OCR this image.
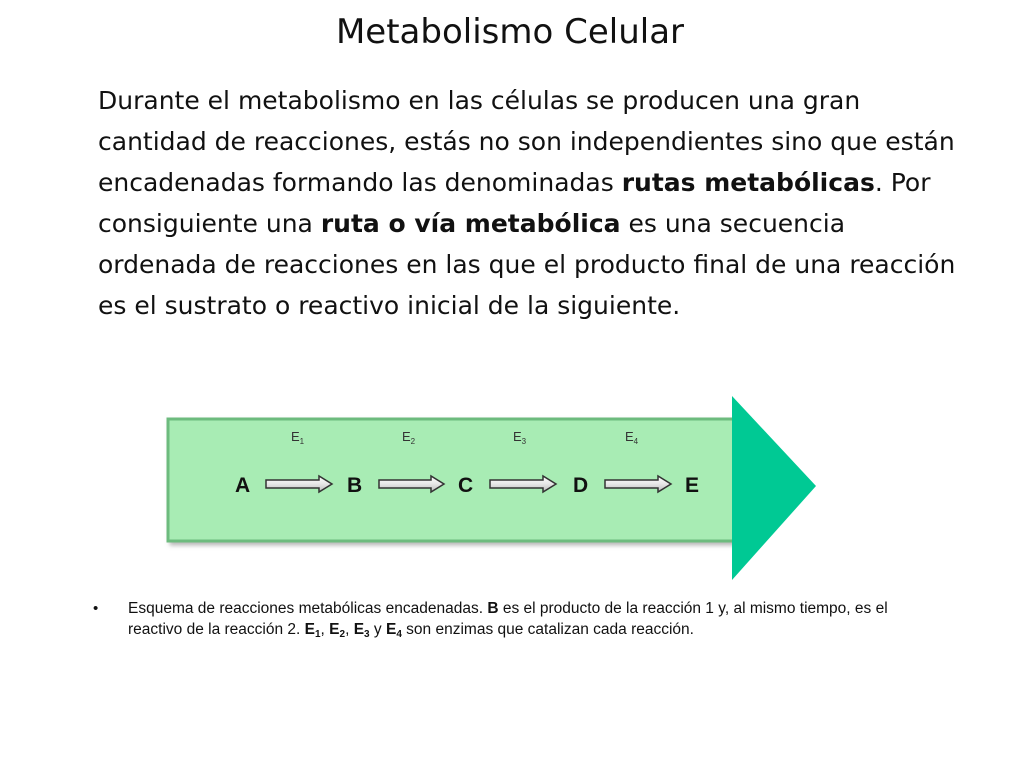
Metabolismo Celular
Durante el metabolismo en las células se producen una gran cantidad de reacciones, estás no son independientes sino que están encadenadas formando las denominadas rutas metabólicas. Por consiguiente una ruta o vía metabólica es una secuencia ordenada de reacciones en las que el producto final de una reacción es el sustrato o reactivo inicial de la siguiente.
$E_1$	$E_2$	$E_3$	$E_4$
A	B	C	D	E
• Esquema de reacciones metabólicas encadenadas. B es el producto de la reacción 1 y, al mismo tiempo, es el reactivo de la reacción 2. $E_1$, $E_2$, $E_3$ y $E_4$ son enzimas que catalizan cada reacción.
